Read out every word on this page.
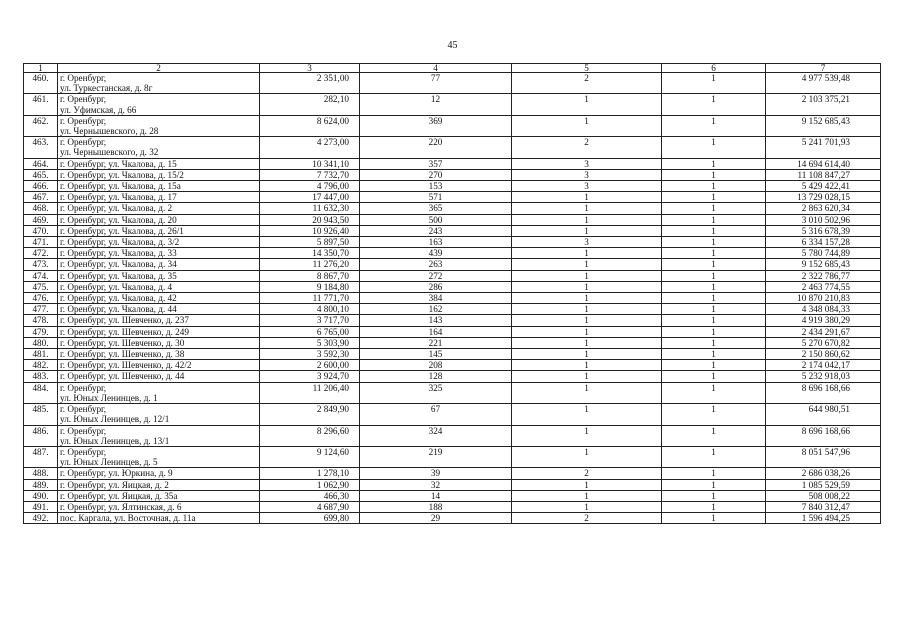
45
1	2	3	4	5	6	7
460.	г. Оренбург,
ул. Туркестанская, д. 8г	2 351,00	77	2	1	4 977 539,48
461.	г. Оренбург,
ул. Уфимская, д. 66	282,10	12	1	1	2 103 375,21
462.	г. Оренбург,
ул. Чернышевского, д. 28	8 624,00	369	1	1	9 152 685,43
463.	г. Оренбург,
ул. Чернышевского, д. 32	4 273,00	220	2	1	5 241 701,93
464.	г. Оренбург, ул. Чкалова, д. 15	10 341,10	357	3	1	14 694 614,40
465.	г. Оренбург, ул. Чкалова, д. 15/2	7 732,70	270	3	1	11 108 847,27
466.	г. Оренбург, ул. Чкалова, д. 15а	4 796,00	153	3	1	5 429 422,41
467.	г. Оренбург, ул. Чкалова, д. 17	17 447,00	571	1	1	13 729 028,15
468.	г. Оренбург, ул. Чкалова, д. 2	11 632,30	365	1	1	2 863 620,34
469.	г. Оренбург, ул. Чкалова, д. 20	20 943,50	500	1	1	3 010 502,96
470.	г. Оренбург, ул. Чкалова, д. 26/1	10 926,40	243	1	1	5 316 678,39
471.	г. Оренбург, ул. Чкалова, д. 3/2	5 897,50	163	3	1	6 334 157,28
472.	г. Оренбург, ул. Чкалова, д. 33	14 350,70	439	1	1	5 780 744,89
473.	г. Оренбург, ул. Чкалова, д. 34	11 276,20	263	1	1	9 152 685,43
474.	г. Оренбург, ул. Чкалова, д. 35	8 867,70	272	1	1	2 322 786,77
475.	г. Оренбург, ул. Чкалова, д. 4	9 184,80	286	1	1	2 463 774,55
476.	г. Оренбург, ул. Чкалова, д. 42	11 771,70	384	1	1	10 870 210,83
477.	г. Оренбург, ул. Чкалова, д. 44	4 800,10	162	1	1	4 348 084,33
478.	г. Оренбург, ул. Шевченко, д. 237	3 717,70	143	1	1	4 919 380,29
479.	г. Оренбург, ул. Шевченко, д. 249	6 765,00	164	1	1	2 434 291,67
480.	г. Оренбург, ул. Шевченко, д. 30	5 303,90	221	1	1	5 270 670,82
481.	г. Оренбург, ул. Шевченко, д. 38	3 592,30	145	1	1	2 150 860,62
482.	г. Оренбург, ул. Шевченко, д. 42/2	2 600,00	208	1	1	2 174 042,17
483.	г. Оренбург, ул. Шевченко, д. 44	3 924,70	128	1	1	5 232 918,03
484.	г. Оренбург,
ул. Юных Ленинцев, д. 1	11 206,40	325	1	1	8 696 168,66
485.	г. Оренбург,
ул. Юных Ленинцев, д. 12/1	2 849,90	67	1	1	644 980,51
486.	г. Оренбург,
ул. Юных Ленинцев, д. 13/1	8 296,60	324	1	1	8 696 168,66
487.	г. Оренбург,
ул. Юных Ленинцев, д. 5	9 124,60	219	1	1	8 051 547,96
488.	г. Оренбург, ул. Юркина, д. 9	1 278,10	39	2	1	2 686 038,26
489.	г. Оренбург, ул. Яицкая, д. 2	1 062,90	32	1	1	1 085 529,59
490.	г. Оренбург, ул. Яицкая, д. 35а	466,30	14	1	1	508 008,22
491.	г. Оренбург, ул. Ялтинская, д. 6	4 687,90	188	1	1	7 840 312,47
492.	пос. Каргала, ул. Восточная, д. 11а	699,80	29	2	1	1 596 494,25
